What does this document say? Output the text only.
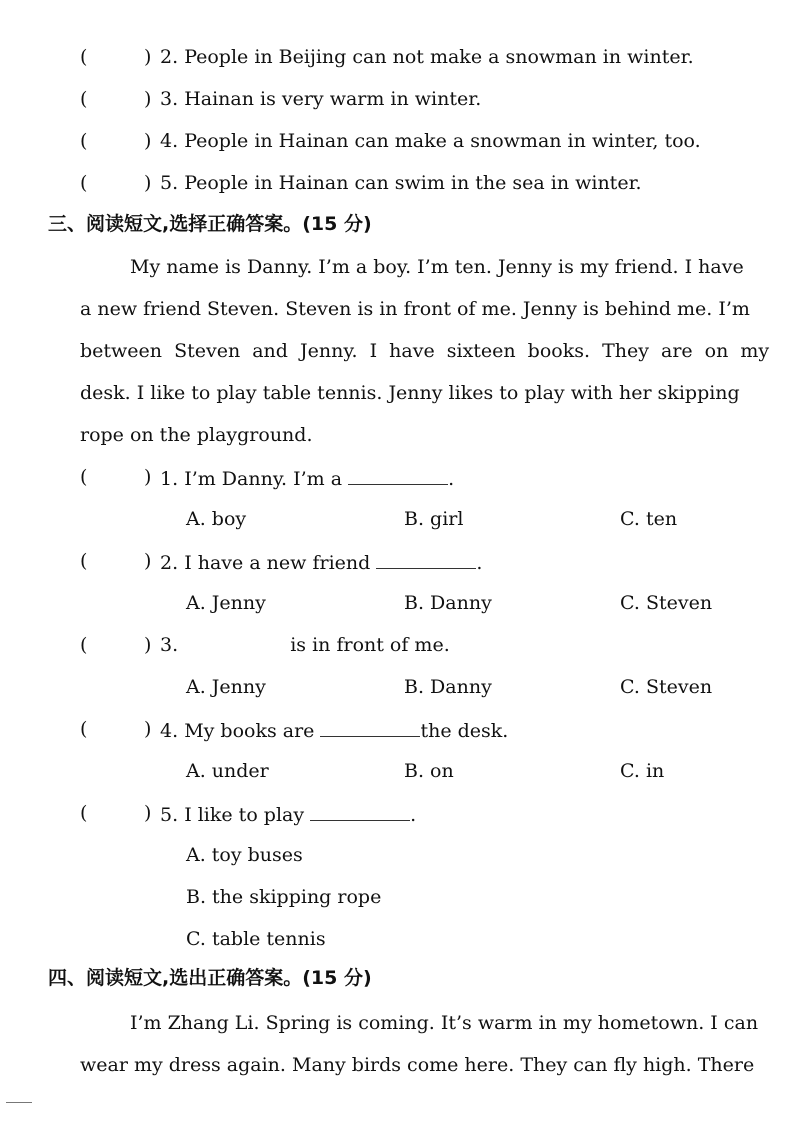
(	) 2. People in Beijing can not make a snowman in winter.
(	) 3. Hainan is very warm in winter.
(	) 4. People in Hainan can make a snowman in winter, too.
(	) 5. People in Hainan can swim in the sea in winter.
三、阅读短文,选择正确答案。(15 分)
My name is Danny. I’m a boy. I’m ten. Jenny is my friend. I have
a new friend Steven. Steven is in front of me. Jenny is behind me. I’m
between Steven and Jenny. I have sixteen books. They are on my
desk. I like to play table tennis. Jenny likes to play with her skipping
rope on the playground.
(	) 1. I’m Danny. I’m a	.
A. boy	B. girl	C. ten
(	) 2. I have a new friend	.
A. Jenny	B. Danny	C. Steven
(	) 3.	is in front of me.
A. Jenny	B. Danny	C. Steven
(	) 4. My books are	the desk.
A. under	B. on	C. in
(	) 5. I like to play	.
A. toy buses
B. the skipping rope
C. table tennis
四、阅读短文,选出正确答案。(15 分)
I’m Zhang Li. Spring is coming. It’s warm in my hometown. I can
wear my dress again. Many birds come here. They can fly high. There
